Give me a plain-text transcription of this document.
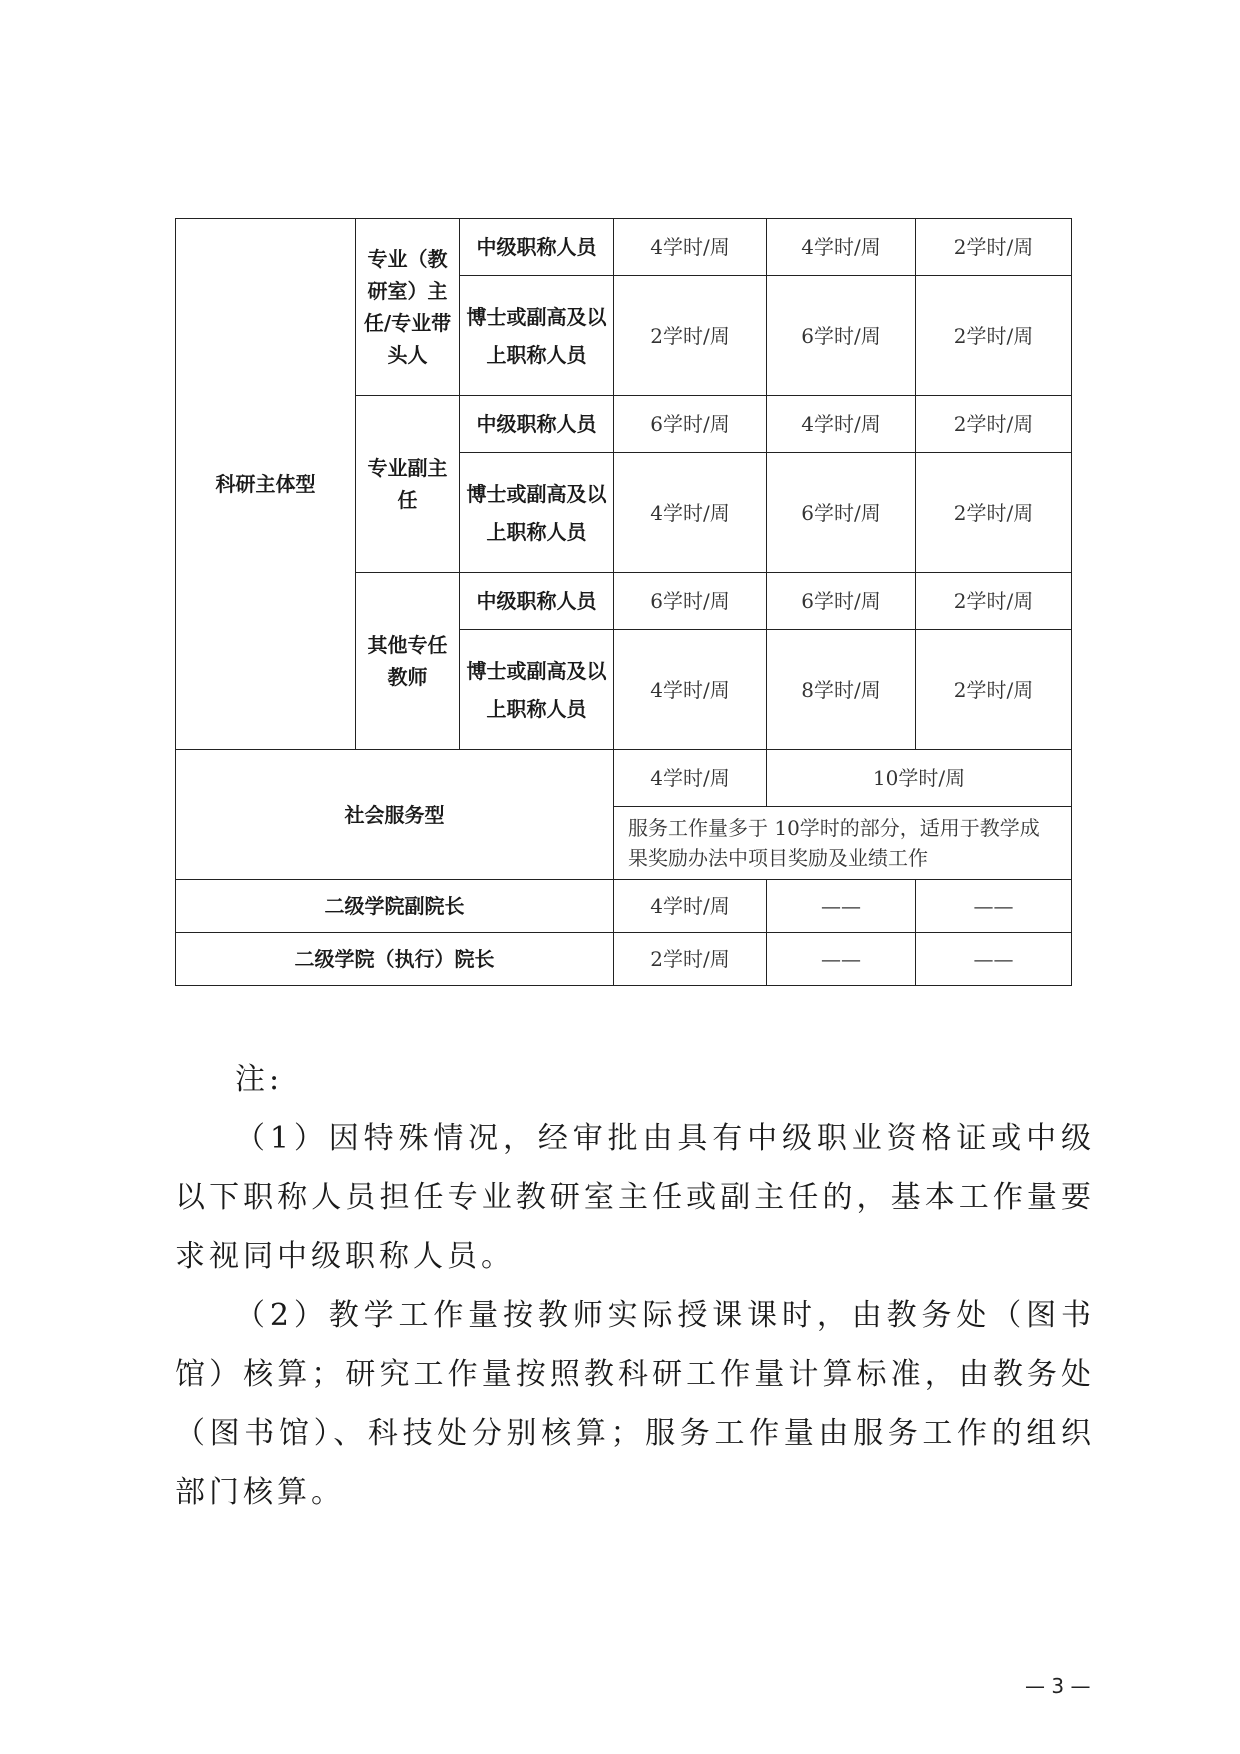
科研主体型	专业（教研室）主任/专业带头人	中级职称人员	4学时/周	4学时/周	2学时/周
		博士或副高及以上职称人员	2学时/周	6学时/周	2学时/周
	专业副主任	中级职称人员	6学时/周	4学时/周	2学时/周
		博士或副高及以上职称人员	4学时/周	6学时/周	2学时/周
	其他专任教师	中级职称人员	6学时/周	6学时/周	2学时/周
		博士或副高及以上职称人员	4学时/周	8学时/周	2学时/周
社会服务型			4学时/周	10学时/周	
			服务工作量多于 10学时的部分，适用于教学成果奖励办法中项目奖励及业绩工作		
二级学院副院长			4学时/周	——	——
二级学院（执行）院长			2学时/周	——	——

注:

（1）因特殊情况，经审批由具有中级职业资格证或中级以下职称人员担任专业教研室主任或副主任的，基本工作量要求视同中级职称人员。

（2）教学工作量按教师实际授课课时，由教务处（图书馆）核算；研究工作量按照教科研工作量计算标准，由教务处（图书馆）、科技处分别核算；服务工作量由服务工作的组织部门核算。

— 3 —
